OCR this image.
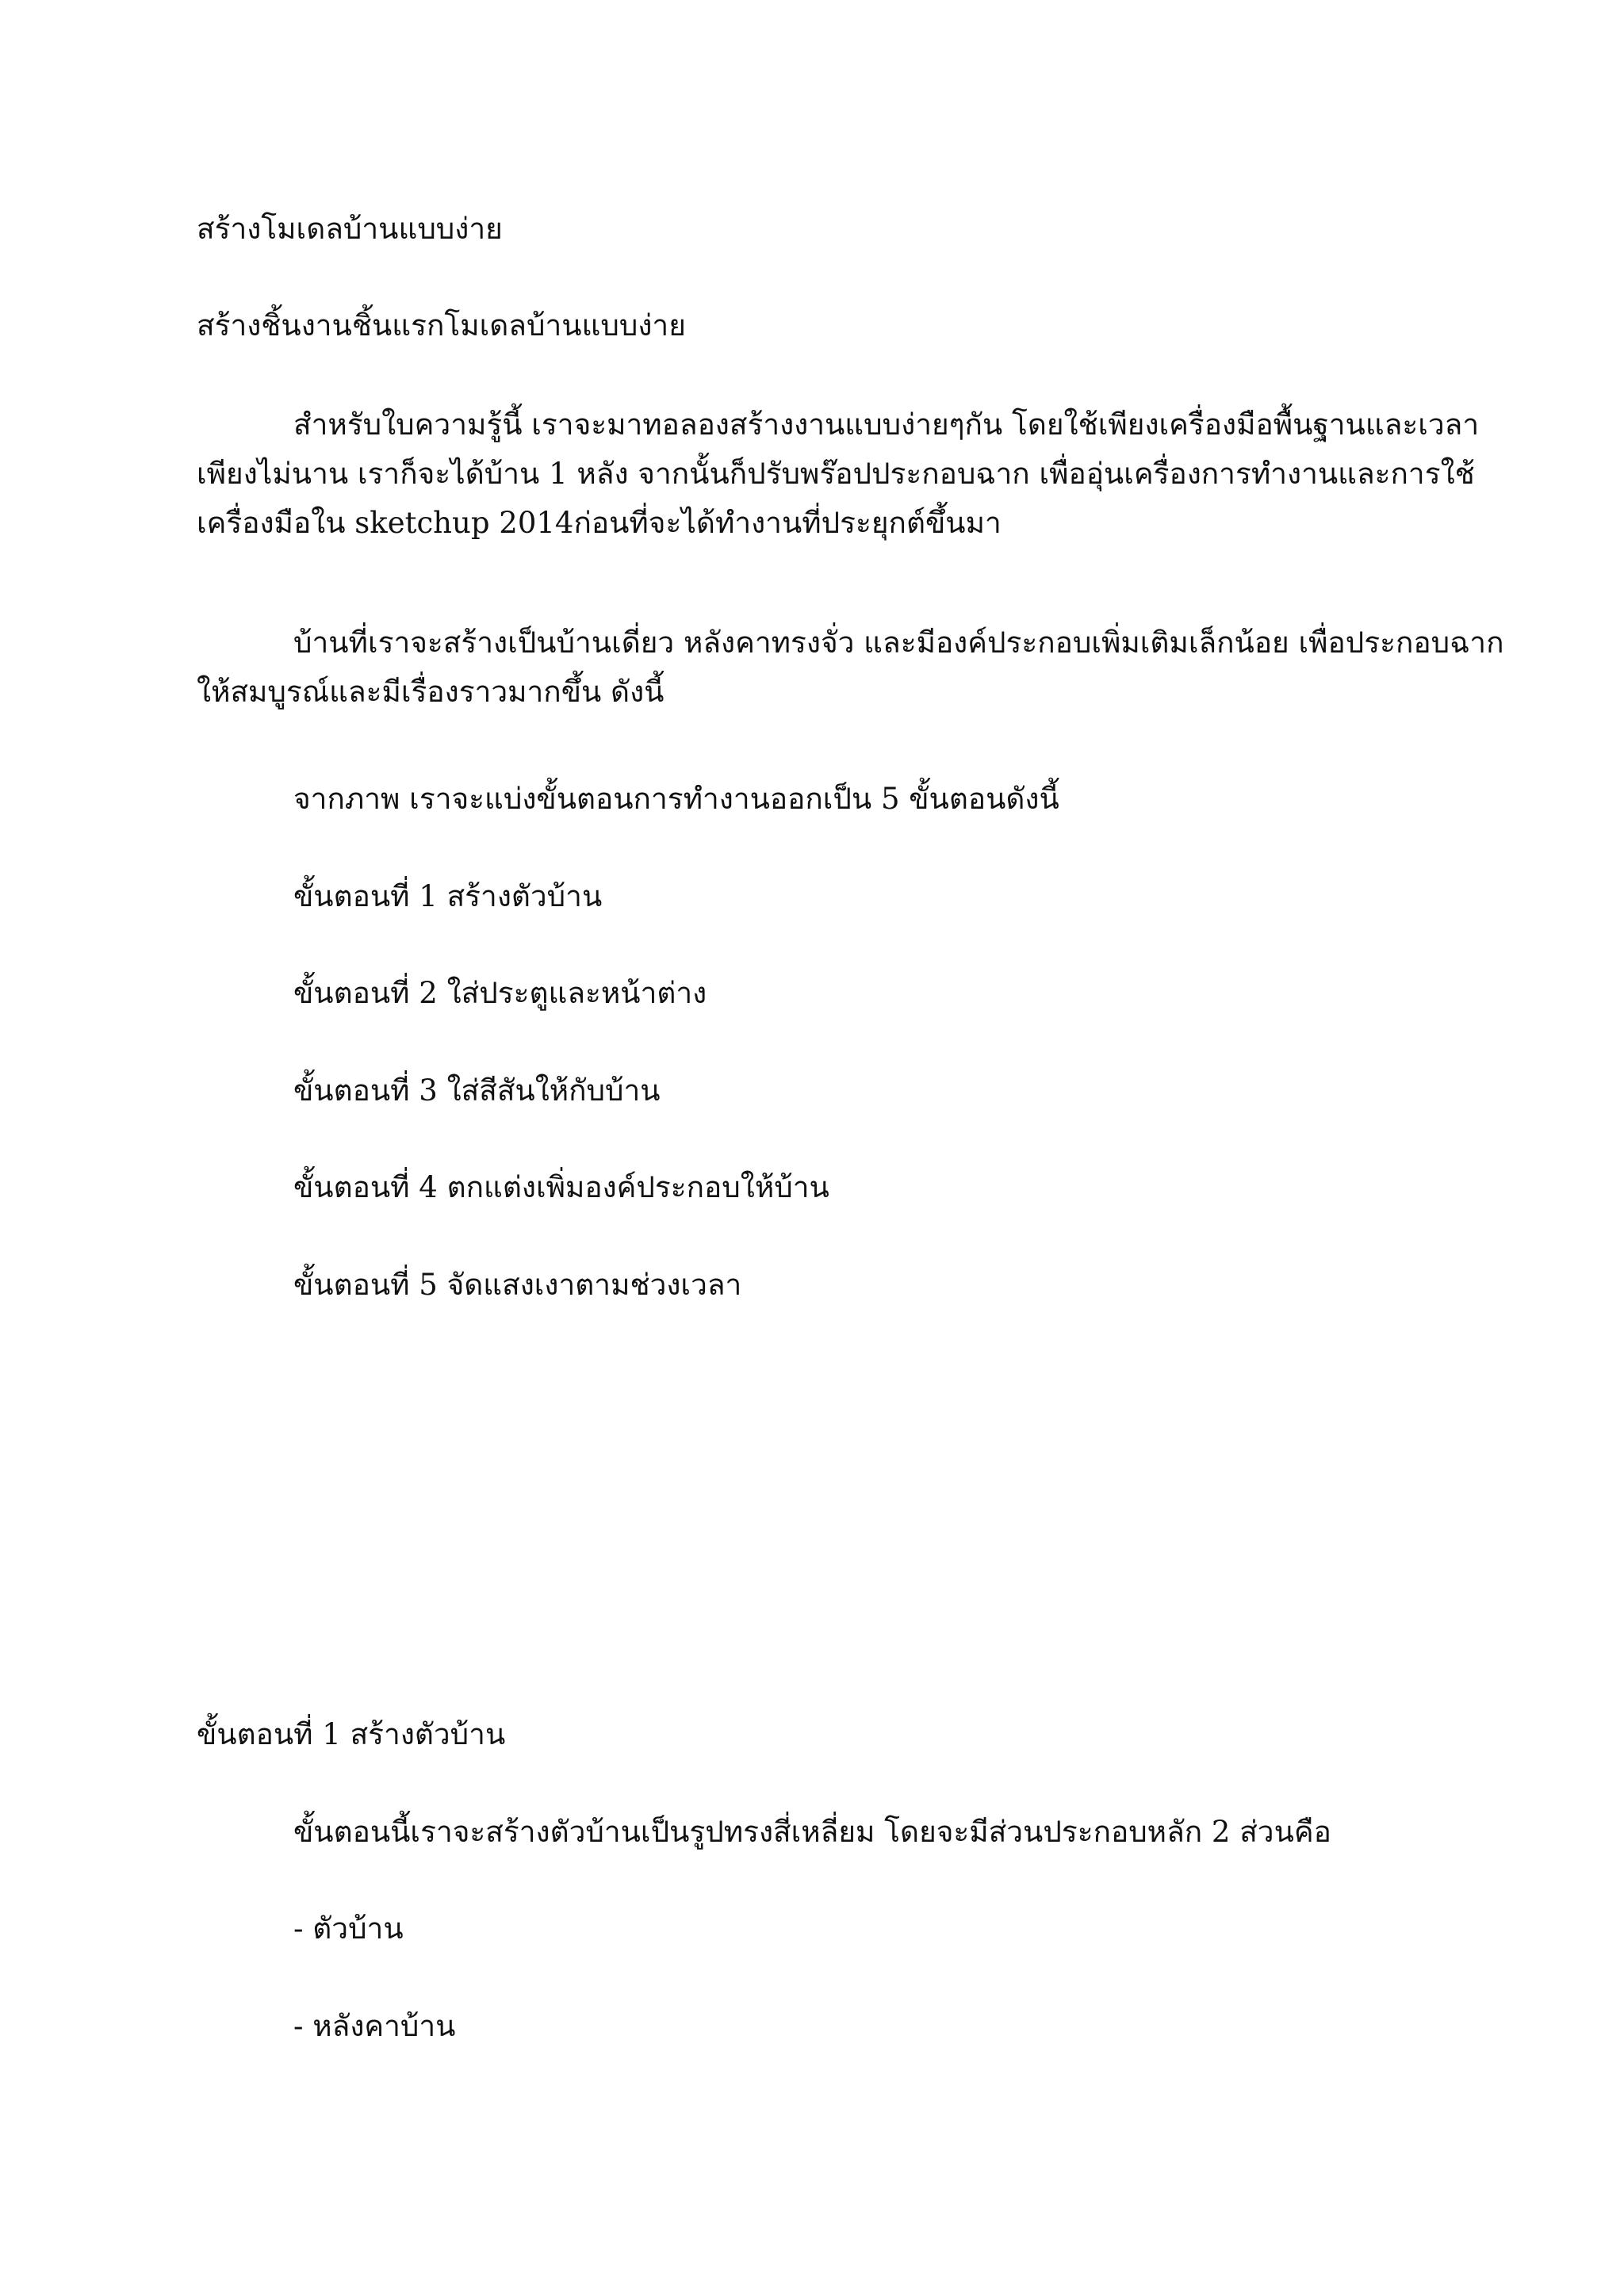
สร้างโมเดลบ้านแบบง่าย
สร้างชิ้นงานชิ้นแรกโมเดลบ้านแบบง่าย
สำหรับใบความรู้นี้ เราจะมาทอลองสร้างงานแบบง่ายๆกัน โดยใช้เพียงเครื่องมือพื้นฐานและเวลา
เพียงไม่นาน เราก็จะได้บ้าน 1 หลัง จากนั้นก็ปรับพร๊อปประกอบฉาก เพื่ออุ่นเครื่องการทำงานและการใช้
เครื่องมือใน sketchup 2014ก่อนที่จะได้ทำงานที่ประยุกต์ขึ้นมา
บ้านที่เราจะสร้างเป็นบ้านเดี่ยว หลังคาทรงจั่ว และมีองค์ประกอบเพิ่มเติมเล็กน้อย เพื่อประกอบฉาก
ให้สมบูรณ์และมีเรื่องราวมากขึ้น ดังนี้
จากภาพ เราจะแบ่งขั้นตอนการทำงานออกเป็น 5 ขั้นตอนดังนี้
ขั้นตอนที่ 1 สร้างตัวบ้าน
ขั้นตอนที่ 2 ใส่ประตูและหน้าต่าง
ขั้นตอนที่ 3 ใส่สีสันให้กับบ้าน
ขั้นตอนที่ 4 ตกแต่งเพิ่มองค์ประกอบให้บ้าน
ขั้นตอนที่ 5 จัดแสงเงาตามช่วงเวลา
ขั้นตอนที่ 1 สร้างตัวบ้าน
ขั้นตอนนี้เราจะสร้างตัวบ้านเป็นรูปทรงสี่เหลี่ยม โดยจะมีส่วนประกอบหลัก 2 ส่วนคือ
- ตัวบ้าน
- หลังคาบ้าน
